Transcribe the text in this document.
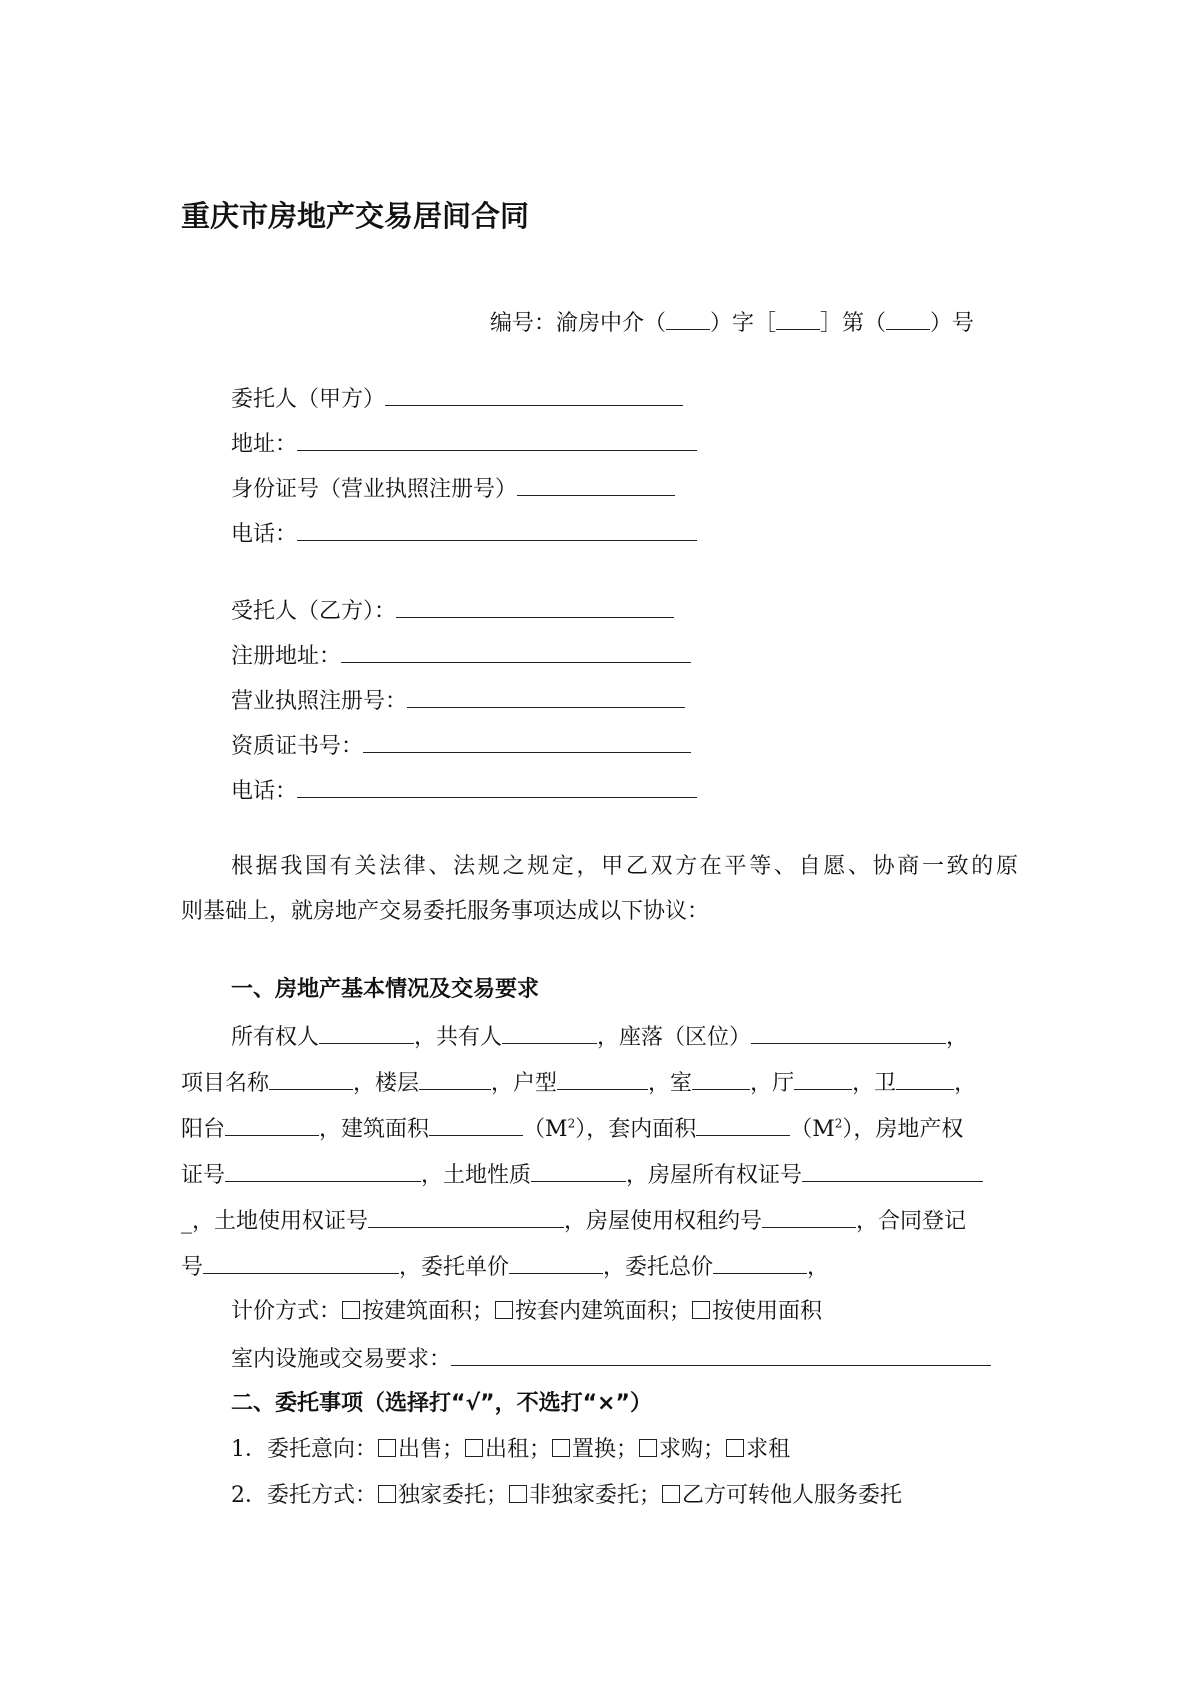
重庆市房地产交易居间合同
编号：渝房中介（ ）字［ ］第（ ）号
委托人（甲方）
地址：
身份证号（营业执照注册号）
电话：
受托人（乙方）：
注册地址：
营业执照注册号：
资质证书号：
电话：
根据我国有关法律、法规之规定，甲乙双方在平等、自愿、协商一致的原
则基础上，就房地产交易委托服务事项达成以下协议：
一、房地产基本情况及交易要求
所有权人	，共有人	，座落（区位）	，
项目名称	，楼层	，户型	，室	，厅	，卫	，
阳台	，建筑面积	$(M^2)$，套内面积	$(M^2)$，房地产权
证号	，土地性质	，房屋所有权证号
_，土地使用权证号	，房屋使用权租约号	，合同登记
号	，委托单价	，委托总价	，
计价方式： 按建筑面积； 按套内建筑面积； 按使用面积
室内设施或交易要求：
二、委托事项（选择打“√”，不选打“×”）
1．委托意向： 出售； 出租； 置换； 求购； 求租
2．委托方式： 独家委托； 非独家委托； 乙方可转他人服务委托
